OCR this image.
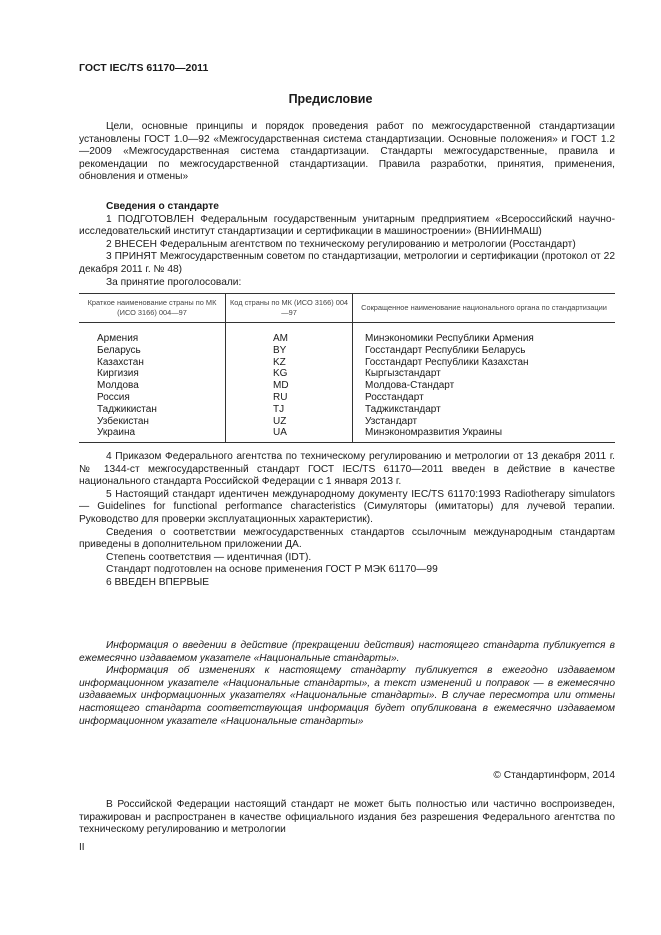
ГОСТ IEC/TS 61170—2011
Предисловие

Цели, основные принципы и порядок проведения работ по межгосударственной стандартизации установлены ГОСТ 1.0—92 «Межгосударственная система стандартизации. Основные положения» и ГОСТ 1.2—2009 «Межгосударственная система стандартизации. Стандарты межгосударственные, правила и рекомендации по межгосударственной стандартизации. Правила разработки, принятия, применения, обновления и отмены»

Сведения о стандарте

1 ПОДГОТОВЛЕН Федеральным государственным унитарным предприятием «Всероссийский научно-исследовательский институт стандартизации и сертификации в машиностроении» (ВНИИНМАШ)

2 ВНЕСЕН Федеральным агентством по техническому регулированию и метрологии (Росстандарт)

3 ПРИНЯТ Межгосударственным советом по стандартизации, метрологии и сертификации (протокол от 22 декабря 2011 г. № 48)

За принятие проголосовали:

Краткое наименование страны по МК (ИСО 3166) 004—97	Код страны по МК (ИСО 3166) 004—97	Сокращенное наименование национального органа по стандартизации
Армения	AM	Минэкономики Республики Армения
Беларусь	BY	Госстандарт Республики Беларусь
Казахстан	KZ	Госстандарт Республики Казахстан
Киргизия	KG	Кыргызстандарт
Молдова	MD	Молдова-Стандарт
Россия	RU	Росстандарт
Таджикистан	TJ	Таджикстандарт
Узбекистан	UZ	Узстандарт
Украина	UA	Минэкономразвития Украины

4 Приказом Федерального агентства по техническому регулированию и метрологии от 13 декабря 2011 г. № 1344-ст межгосударственный стандарт ГОСТ IEC/TS 61170—2011 введен в действие в качестве национального стандарта Российской Федерации с 1 января 2013 г.

5 Настоящий стандарт идентичен международному документу IEC/TS 61170:1993 Radiotherapy simulators — Guidelines for functional performance characteristics (Симуляторы (имитаторы) для лучевой терапии. Руководство для проверки эксплуатационных характеристик).

Сведения о соответствии межгосударственных стандартов ссылочным международным стандартам приведены в дополнительном приложении ДА.

Степень соответствия — идентичная (IDT).

Стандарт подготовлен на основе применения ГОСТ Р МЭК 61170—99

6 ВВЕДЕН ВПЕРВЫЕ

Информация о введении в действие (прекращении действия) настоящего стандарта публикуется в ежемесячно издаваемом указателе «Национальные стандарты».

Информация об изменениях к настоящему стандарту публикуется в ежегодно издаваемом информационном указателе «Национальные стандарты», а текст изменений и поправок — в ежемесячно издаваемых информационных указателях «Национальные стандарты». В случае пересмотра или отмены настоящего стандарта соответствующая информация будет опубликована в ежемесячно издаваемом информационном указателе «Национальные стандарты»

© Стандартинформ, 2014

В Российской Федерации настоящий стандарт не может быть полностью или частично воспроизведен, тиражирован и распространен в качестве официального издания без разрешения Федерального агентства по техническому регулированию и метрологии

II
